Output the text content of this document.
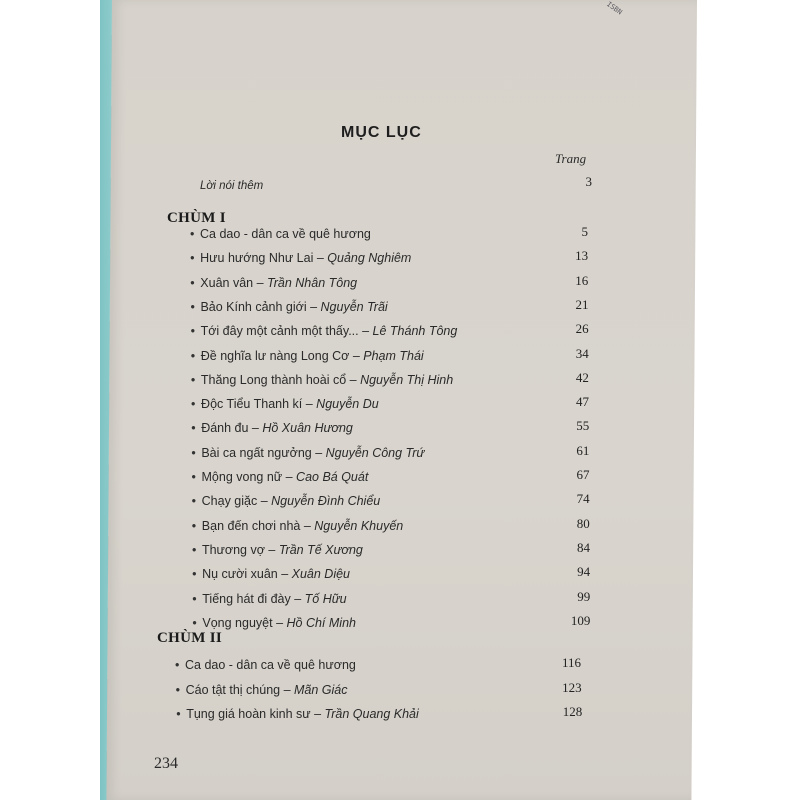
ISBN

MỤC LỤC
Trang
Lời nói thêm	3
CHÙM I
• Ca dao - dân ca về quê hương	5
• Hưu hướng Như Lai – Quảng Nghiêm	13
• Xuân vân – Trần Nhân Tông	16
• Bảo Kính cảnh giới – Nguyễn Trãi	21
• Tới đây một cảnh một thấy... – Lê Thánh Tông	26
• Đề nghĩa lư nàng Long Cơ – Phạm Thái	34
• Thăng Long thành hoài cổ – Nguyễn Thị Hinh	42
• Độc Tiểu Thanh kí – Nguyễn Du	47
• Đánh đu – Hồ Xuân Hương	55
• Bài ca ngất ngưởng – Nguyễn Công Trứ	61
• Mộng vong nữ – Cao Bá Quát	67
• Chạy giặc – Nguyễn Đình Chiểu	74
• Bạn đến chơi nhà – Nguyễn Khuyến	80
• Thương vợ – Trần Tế Xương	84
• Nụ cười xuân – Xuân Diệu	94
• Tiếng hát đi đày – Tố Hữu	99
• Vọng nguyệt – Hồ Chí Minh	109
CHÙM II
• Ca dao - dân ca về quê hương	116
• Cáo tật thị chúng – Mãn Giác	123
• Tụng giá hoàn kinh sư – Trần Quang Khải	128
234
